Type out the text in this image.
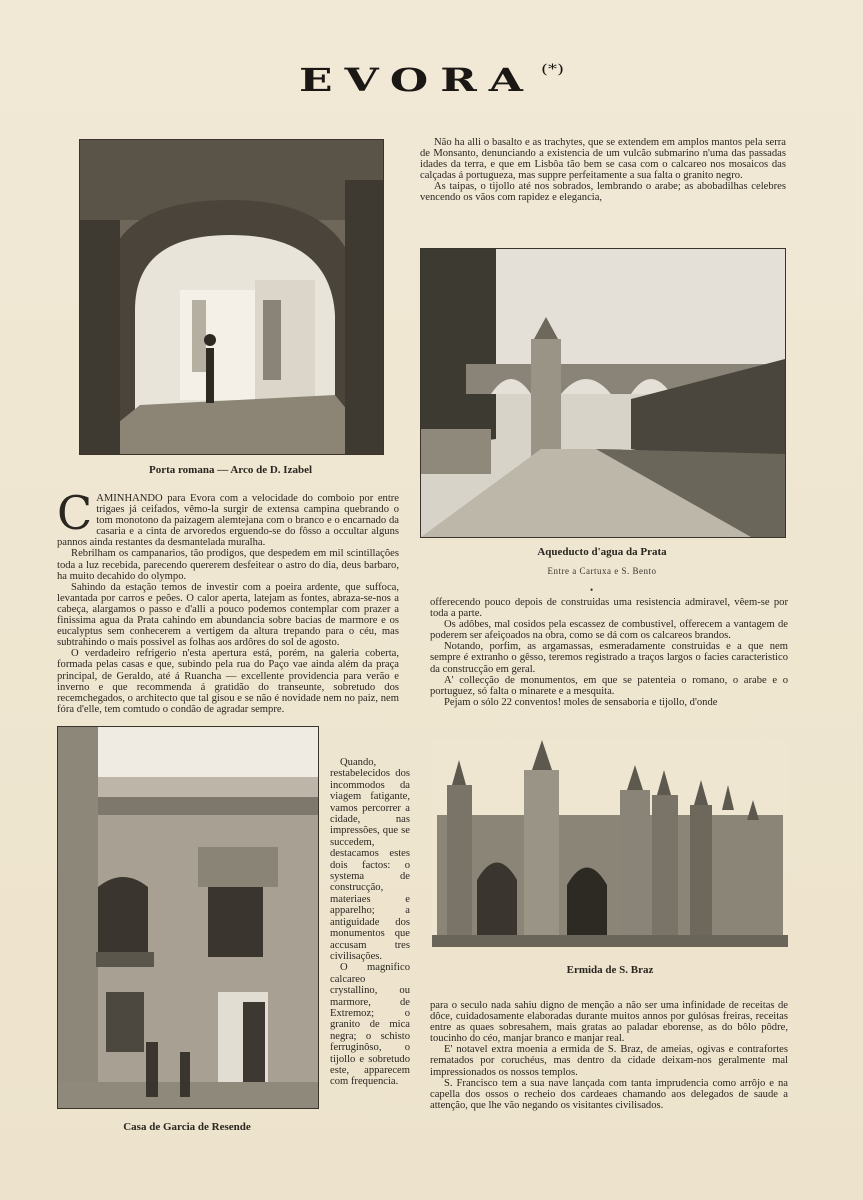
EVORA (*)
Porta romana — Arco de D. Izabel

Não ha alli o basalto e as trachytes, que se extendem em amplos mantos pela serra de Monsanto, denunciando a existencia de um vulcão submarino n'uma das passadas idades da terra, e que em Lisbôa tão bem se casa com o calcareo nos mosaicos das calçadas á portugueza, mas suppre perfeitamente a sua falta o granito negro.

As taipas, o tijollo até nos sobrados, lembrando o arabe; as abobadilhas celebres vencendo os vãos com rapidez e elegancia,

Aqueducto d'agua da Prata
Entre a Cartuxa e S. Bento
•

CAMINHANDO para Evora com a velocidade do comboio por entre trigaes já ceifados, vêmo-la surgir de extensa campina quebrando o tom monotono da paizagem alemtejana com o branco e o encarnado da casaria e a cinta de arvoredos erguendo-se do fôsso a occultar alguns pannos ainda restantes da desmantelada muralha.

Rebrilham os campanarios, tão prodigos, que despedem em mil scintillações toda a luz recebida, parecendo quererem desfeitear o astro do dia, deus barbaro, ha muito decahido do olympo.

Sahindo da estação temos de investir com a poeira ardente, que suffoca, levantada por carros e peões. O calor aperta, latejam as fontes, abraza-se-nos a cabeça, alargamos o passo e d'alli a pouco podemos contemplar com prazer a finissima agua da Prata cahindo em abundancia sobre bacias de marmore e os eucalyptus sem conhecerem a vertigem da altura trepando para o céu, mas subtrahindo o mais possivel as folhas aos ardôres do sol de agosto.

O verdadeiro refrigerio n'esta apertura está, porém, na galeria coberta, formada pelas casas e que, subindo pela rua do Paço vae ainda além da praça principal, de Geraldo, até á Ruancha — excellente providencia para verão e inverno e que recommenda á gratidão do transeunte, sobretudo dos recemchegados, o architecto que tal gisou e se não é novidade nem no paiz, nem fóra d'elle, tem comtudo o condão de agradar sempre.

offerecendo pouco depois de construidas uma resistencia admiravel, vêem-se por toda a parte.

Os adôbes, mal cosidos pela escassez de combustivel, offerecem a vantagem de poderem ser afeiçoados na obra, como se dá com os calcareos brandos.

Notando, porfim, as argamassas, esmeradamente construidas e a que nem sempre é extranho o gêsso, teremos registrado a traços largos o facies caracteristico da construcção em geral.

A' collecção de monumentos, em que se patenteia o romano, o arabe e o portuguez, só falta o minarete e a mesquita.

Pejam o sólo 22 conventos! moles de sensaboria e tijollo, d'onde

Casa de Garcia de Resende

Quando, restabelecidos dos incommodos da viagem fatigante, vamos percorrer a cidade, nas impressões, que se succedem, destacamos estes dois factos: o systema de construcção, materiaes e apparelho; a antiguidade dos monumentos que accusam tres civilisações.

O magnifico calcareo crystallino, ou marmore, de Extremoz; o granito de mica negra; o schisto ferruginôso, o tijollo e sobretudo este, apparecem com frequencia.

Ermida de S. Braz

para o seculo nada sahiu digno de menção a não ser uma infinidade de receitas de dôce, cuidadosamente elaboradas durante muitos annos por gulósas freiras, receitas entre as quaes sobresahem, mais gratas ao paladar eborense, as do bôlo pôdre, toucinho do céo, manjar branco e manjar real.

E' notavel extra moenia a ermida de S. Braz, de ameias, ogivas e contrafortes rematados por coruchéus, mas dentro da cidade deixam-nos geralmente mal impressionados os nossos templos.

S. Francisco tem a sua nave lançada com tanta imprudencia como arrôjo e na capella dos ossos o recheio dos cardeaes chamando aos delegados de saude a attenção, que lhe vão negando os visitantes civilisados.
